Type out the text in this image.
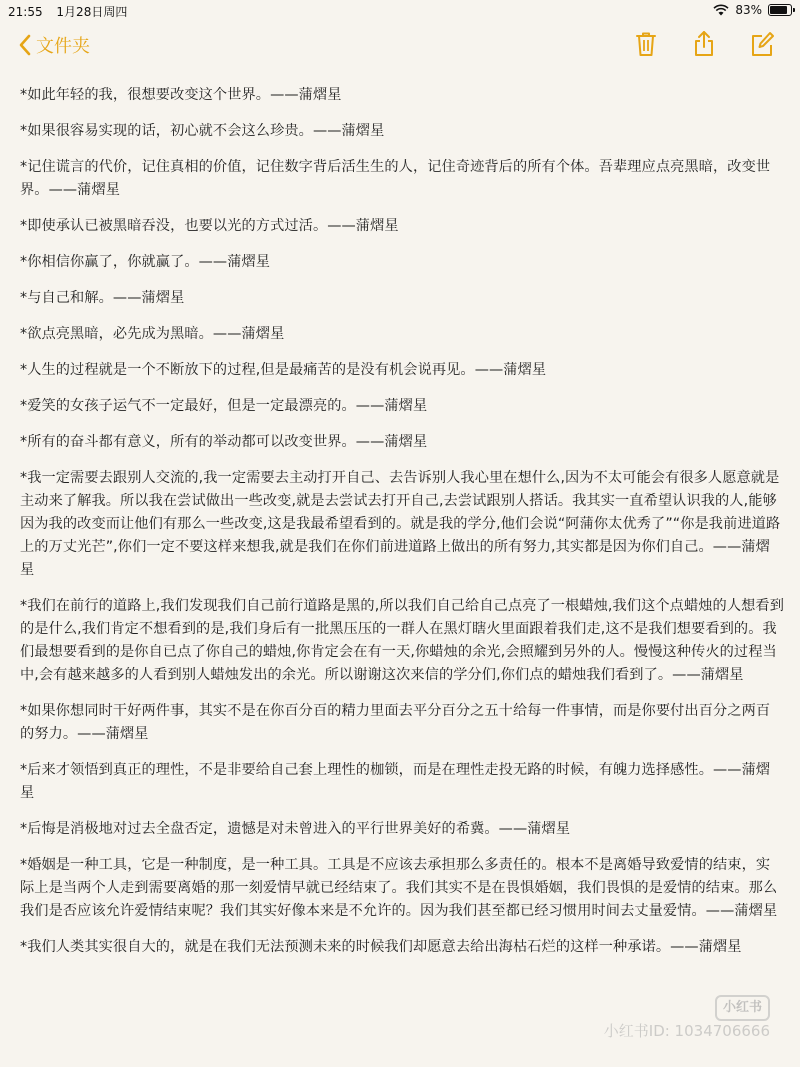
21:55 1月28日周四	83%
文件夹

*如此年轻的我，很想要改变这个世界。——蒲熠星

*如果很容易实现的话，初心就不会这么珍贵。——蒲熠星

*记住谎言的代价，记住真相的价值，记住数字背后活生生的人，记住奇迹背后的所有个体。吾辈理应点亮黑暗，改变世界。——蒲熠星

*即使承认已被黑暗吞没，也要以光的方式过活。——蒲熠星

*你相信你赢了，你就赢了。——蒲熠星

*与自己和解。——蒲熠星

*欲点亮黑暗，必先成为黑暗。——蒲熠星

*人生的过程就是一个不断放下的过程,但是最痛苦的是没有机会说再见。——蒲熠星

*爱笑的女孩子运气不一定最好，但是一定最漂亮的。——蒲熠星

*所有的奋斗都有意义，所有的举动都可以改变世界。——蒲熠星

*我一定需要去跟别人交流的,我一定需要去主动打开自己、去告诉别人我心里在想什么,因为不太可能会有很多人愿意就是主动来了解我。所以我在尝试做出一些改变,就是去尝试去打开自己,去尝试跟别人搭话。我其实一直希望认识我的人,能够因为我的改变而让他们有那么一些改变,这是我最希望看到的。就是我的学分,他们会说“阿蒲你太优秀了”“你是我前进道路上的万丈光芒”,你们一定不要这样来想我,就是我们在你们前进道路上做出的所有努力,其实都是因为你们自己。——蒲熠星

*我们在前行的道路上,我们发现我们自己前行道路是黑的,所以我们自己给自己点亮了一根蜡烛,我们这个点蜡烛的人想看到的是什么,我们肯定不想看到的是,我们身后有一批黑压压的一群人在黑灯瞎火里面跟着我们走,这不是我们想要看到的。我们最想要看到的是你自已点了你自己的蜡烛,你肯定会在有一天,你蜡烛的余光,会照耀到另外的人。慢慢这种传火的过程当中,会有越来越多的人看到别人蜡烛发出的余光。所以谢谢这次来信的学分们,你们点的蜡烛我们看到了。——蒲熠星

*如果你想同时干好两件事，其实不是在你百分百的精力里面去平分百分之五十给每一件事情，而是你要付出百分之两百的努力。——蒲熠星

*后来才领悟到真正的理性，不是非要给自己套上理性的枷锁，而是在理性走投无路的时候，有魄力选择感性。——蒲熠星

*后悔是消极地对过去全盘否定，遗憾是对未曾进入的平行世界美好的希冀。——蒲熠星

*婚姻是一种工具，它是一种制度，是一种工具。工具是不应该去承担那么多责任的。根本不是离婚导致爱情的结束，实际上是当两个人走到需要离婚的那一刻爱情早就已经结束了。我们其实不是在畏惧婚姻，我们畏惧的是爱情的结束。那么我们是否应该允许爱情结束呢？我们其实好像本来是不允许的。因为我们甚至都已经习惯用时间去丈量爱情。——蒲熠星

*我们人类其实很自大的，就是在我们无法预测未来的时候我们却愿意去给出海枯石烂的这样一种承诺。——蒲熠星

小红书
小红书ID: 1034706666
